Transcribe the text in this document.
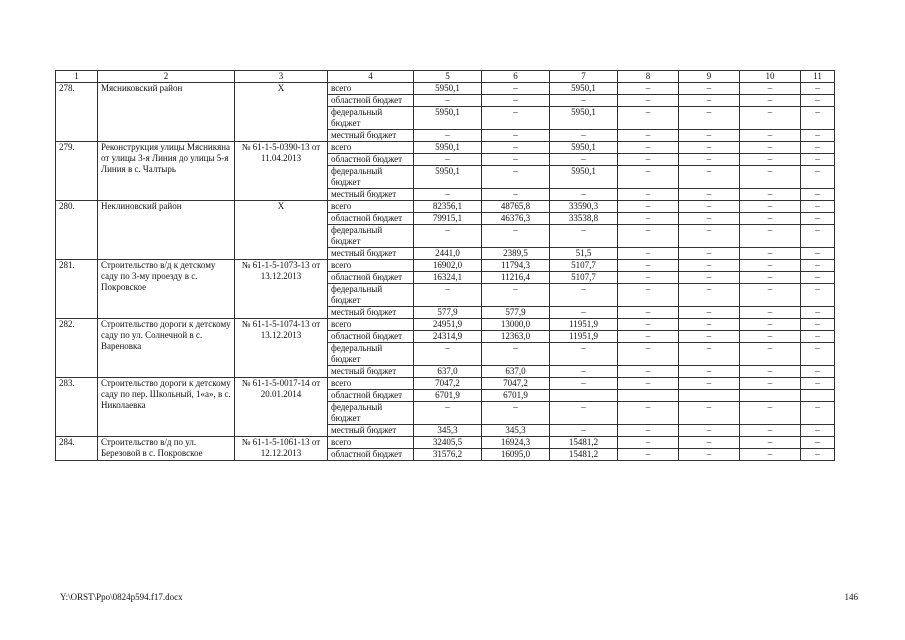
1	2	3	4	5	6	7	8	9	10	11
278.	Мясниковский район	X	всего	5950,1	–	5950,1	–	–	–	–
			областной бюджет	–	–	–	–	–	–	–
			федеральный бюджет	5950,1	–	5950,1	–	–	–	–
			местный бюджет	–	–	–	–	–	–	–
279.	Реконструкция улицы Мясникяна от улицы 3-я Линия до улицы 5-я Линия в с. Чалтырь	№ 61-1-5-0390-13 от 11.04.2013	всего	5950,1	–	5950,1	–	–	–	–
			областной бюджет	–	–	–	–	–	–	–
			федеральный бюджет	5950,1	–	5950,1	–	–	–	–
			местный бюджет	–	–	–	–	–	–	–
280.	Неклиновский район	X	всего	82356,1	48765,8	33590,3	–	–	–	–
			областной бюджет	79915,1	46376,3	33538,8	–	–	–	–
			федеральный бюджет	–	–	–	–	–	–	–
			местный бюджет	2441,0	2389,5	51,5	–	–	–	–
281.	Строительство в/д к детскому саду по 3-му проезду в с. Покровское	№ 61-1-5-1073-13 от 13.12.2013	всего	16902,0	11794,3	5107,7	–	–	–	–
			областной бюджет	16324,1	11216,4	5107,7	–	–	–	–
			федеральный бюджет	–	–	–	–	–	–	–
			местный бюджет	577,9	577,9	–	–	–	–	–
282.	Строительство дороги к детскому саду по ул. Солнечной в с. Вареновка	№ 61-1-5-1074-13 от 13.12.2013	всего	24951,9	13000,0	11951,9	–	–	–	–
			областной бюджет	24314,9	12363,0	11951,9	–	–	–	–
			федеральный бюджет	–	–	–	–	–	–	–
			местный бюджет	637,0	637,0	–	–	–	–	–
283.	Строительство дороги к детскому саду по пер. Школьный, 1«а», в с. Николаевка	№ 61-1-5-0017-14 от 20.01.2014	всего	7047,2	7047,2	–	–	–	–	–
			областной бюджет	6701,9	6701,9					
			федеральный бюджет	–	–	–	–	–	–	–
			местный бюджет	345,3	345,3	–	–	–	–	–
284.	Строительство в/д по ул. Березовой в с. Покровское	№ 61-1-5-1061-13 от 12.12.2013	всего	32405,5	16924,3	15481,2	–	–	–	–
			областной бюджет	31576,2	16095,0	15481,2	–	–	–	–
Y:\ORST\Ppo\0824p594.f17.docx	146
